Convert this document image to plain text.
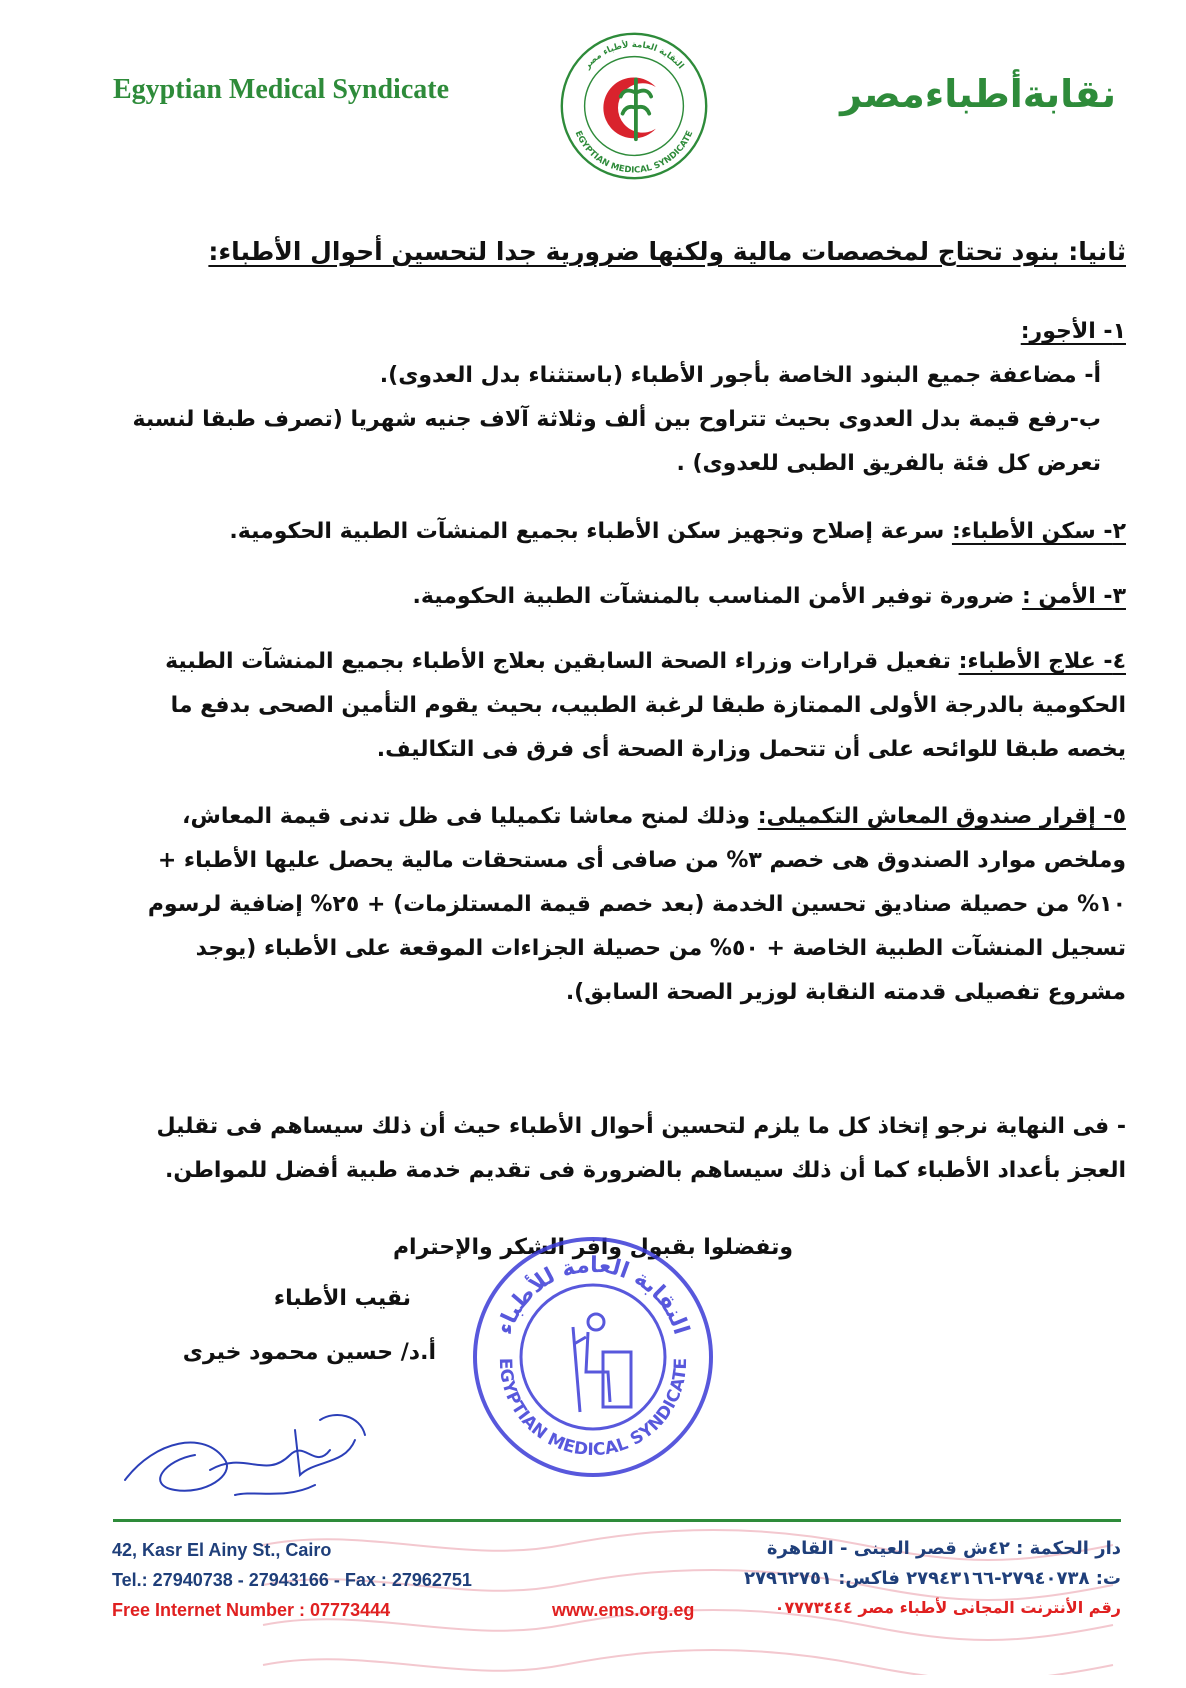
Egyptian Medical Syndicate	نقابةأطباءمصر
النقابة العامة لأطباء مصر
EGYPTIAN MEDICAL SYNDICATE
ثانيا: بنود تحتاج لمخصصات مالية ولكنها ضرورية جدا لتحسين أحوال الأطباء:
١- الأجور:
أ- مضاعفة جميع البنود الخاصة بأجور الأطباء (باستثناء بدل العدوى).
ب-رفع قيمة بدل العدوى بحيث تتراوح بين ألف وثلاثة آلاف جنيه شهريا (تصرف طبقا لنسبة تعرض كل فئة بالفريق الطبى للعدوى) .
٢- سكن الأطباء: سرعة إصلاح وتجهيز سكن الأطباء بجميع المنشآت الطبية الحكومية.
٣- الأمن : ضرورة توفير الأمن المناسب بالمنشآت الطبية الحكومية.
٤- علاج الأطباء: تفعيل قرارات وزراء الصحة السابقين بعلاج الأطباء بجميع المنشآت الطبية الحكومية بالدرجة الأولى الممتازة طبقا لرغبة الطبيب، بحيث يقوم التأمين الصحى بدفع ما يخصه طبقا للوائحه على أن تتحمل وزارة الصحة أى فرق فى التكاليف.
٥- إقرار صندوق المعاش التكميلى: وذلك لمنح معاشا تكميليا فى ظل تدنى قيمة المعاش، وملخص موارد الصندوق هى خصم ٣% من صافى أى مستحقات مالية يحصل عليها الأطباء + ١٠% من حصيلة صناديق تحسين الخدمة (بعد خصم قيمة المستلزمات) + ٢٥% إضافية لرسوم تسجيل المنشآت الطبية الخاصة + ٥٠% من حصيلة الجزاءات الموقعة على الأطباء (يوجد مشروع تفصيلى قدمته النقابة لوزير الصحة السابق).
- فى النهاية نرجو إتخاذ كل ما يلزم لتحسين أحوال الأطباء حيث أن ذلك سيساهم فى تقليل العجز بأعداد الأطباء كما أن ذلك سيساهم بالضرورة فى تقديم خدمة طبية أفضل للمواطن.
وتفضلوا بقبول وافر الشكر والإحترام
نقيب الأطباء
أ.د/ حسين محمود خيرى
النقابة العامة للأطباء
EGYPTIAN MEDICAL SYNDICATE
42, Kasr El Ainy St., Cairo
Tel.: 27940738 - 27943166 - Fax : 27962751
Free Internet Number : 07773444	www.ems.org.eg
دار الحكمة : ٤٢ش قصر العينى - القاهرة
ت: ٢٧٩٤٠٧٣٨-٢٧٩٤٣١٦٦ فاكس: ٢٧٩٦٢٧٥١
رقم الأنترنت المجانى لأطباء مصر ٠٧٧٧٣٤٤٤
